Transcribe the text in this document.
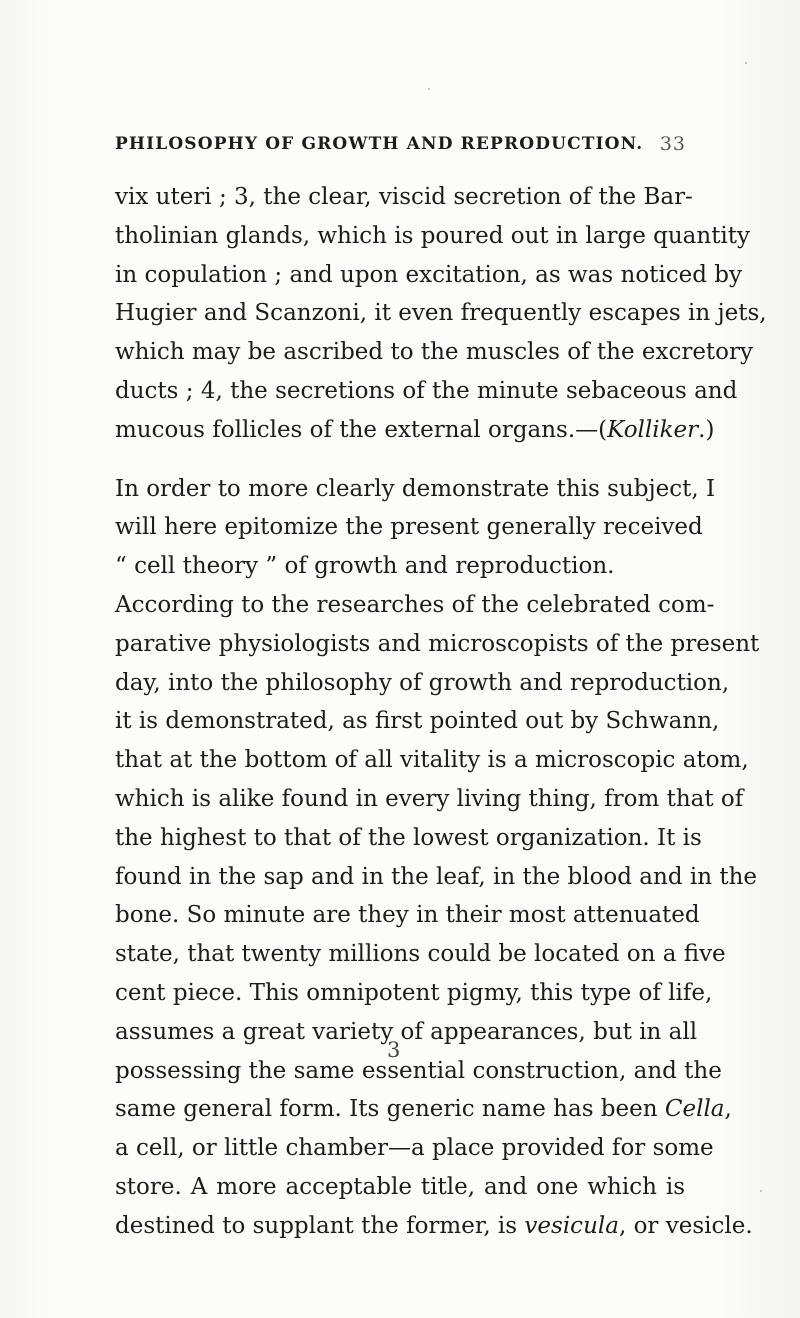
PHILOSOPHY OF GROWTH AND REPRODUCTION. 33
vix uteri ; 3, the clear, viscid secretion of the Bar-
tholinian glands, which is poured out in large quantity
in copulation ; and upon excitation, as was noticed by
Hugier and Scanzoni, it even frequently escapes in jets,
which may be ascribed to the muscles of the excretory
ducts ; 4, the secretions of the minute sebaceous and
mucous follicles of the external organs.—(Kolliker.)
In order to more clearly demonstrate this subject, I
will here epitomize the present generally received
“ cell theory ” of growth and reproduction.
According to the researches of the celebrated com-
parative physiologists and microscopists of the present
day, into the philosophy of growth and reproduction,
it is demonstrated, as first pointed out by Schwann,
that at the bottom of all vitality is a microscopic atom,
which is alike found in every living thing, from that of
the highest to that of the lowest organization. It is
found in the sap and in the leaf, in the blood and in the
bone. So minute are they in their most attenuated
state, that twenty millions could be located on a five
cent piece. This omnipotent pigmy, this type of life,
assumes a great variety of appearances, but in all
possessing the same essential construction, and the
same general form. Its generic name has been Cella,
a cell, or little chamber—a place provided for some
store. A more acceptable title, and one which is
destined to supplant the former, is vesicula, or vesicle.
3
